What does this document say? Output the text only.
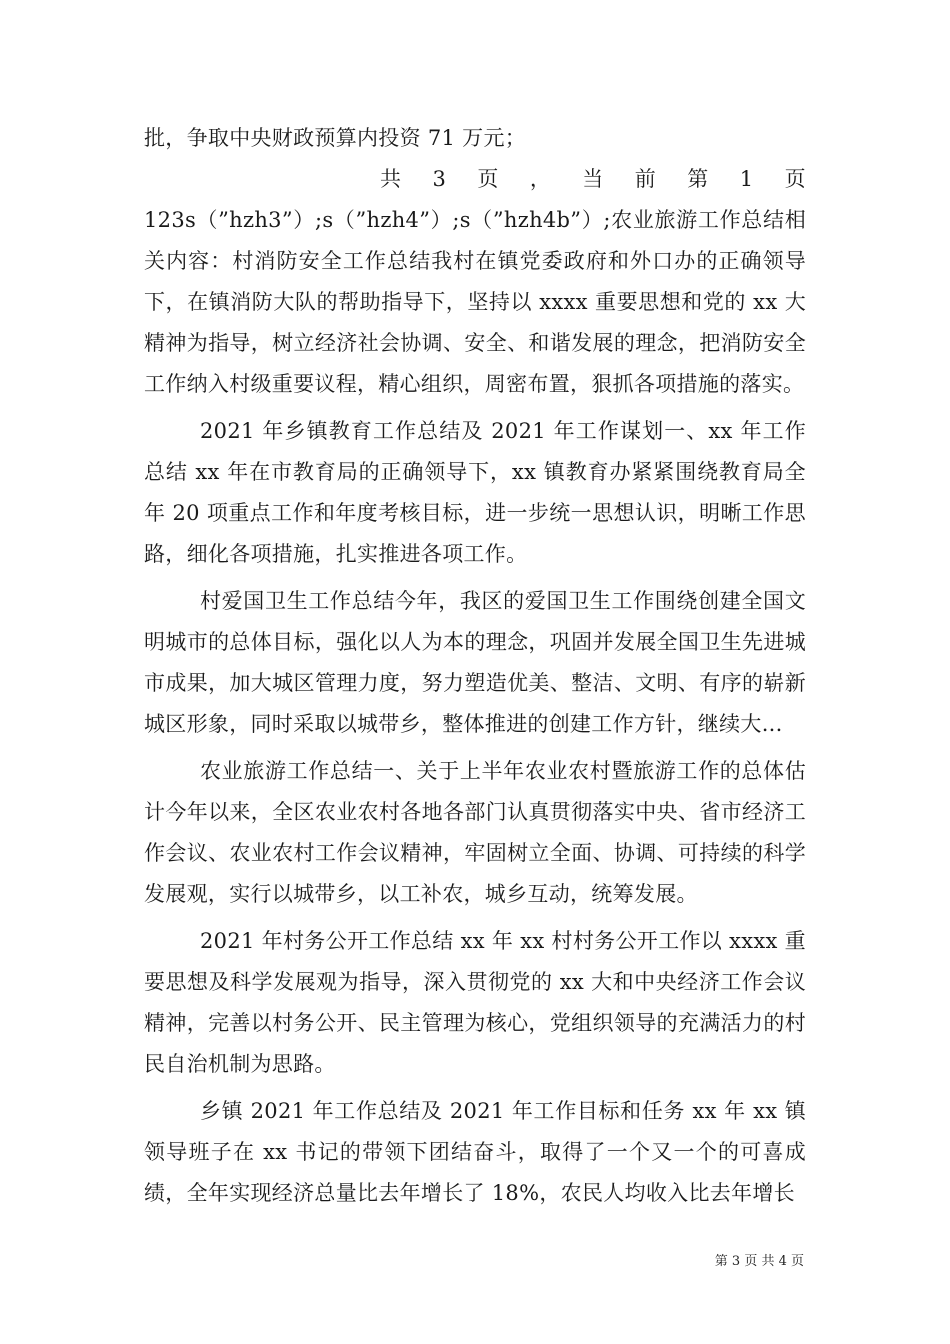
批，争取中央财政预算内投资 71 万元；

共 3 页 ， 当 前 第 1 页

123s（”hzh3”）;s（”hzh4”）;s（”hzh4b”）;农业旅游工作总结相关内容：村消防安全工作总结我村在镇党委政府和外口办的正确领导下，在镇消防大队的帮助指导下，坚持以 xxxx 重要思想和党的 xx 大精神为指导，树立经济社会协调、安全、和谐发展的理念，把消防安全工作纳入村级重要议程，精心组织，周密布置，狠抓各项措施的落实。

2021 年乡镇教育工作总结及 2021 年工作谋划一、xx 年工作总结 xx 年在市教育局的正确领导下，xx 镇教育办紧紧围绕教育局全年 20 项重点工作和年度考核目标，进一步统一思想认识，明晰工作思路，细化各项措施，扎实推进各项工作。

村爱国卫生工作总结今年，我区的爱国卫生工作围绕创建全国文明城市的总体目标，强化以人为本的理念，巩固并发展全国卫生先进城市成果，加大城区管理力度，努力塑造优美、整洁、文明、有序的崭新城区形象，同时采取以城带乡，整体推进的创建工作方针，继续大...

农业旅游工作总结一、关于上半年农业农村暨旅游工作的总体估计今年以来，全区农业农村各地各部门认真贯彻落实中央、省市经济工作会议、农业农村工作会议精神，牢固树立全面、协调、可持续的科学发展观，实行以城带乡，以工补农，城乡互动，统筹发展。

2021 年村务公开工作总结 xx 年 xx 村村务公开工作以 xxxx 重要思想及科学发展观为指导，深入贯彻党的 xx 大和中央经济工作会议精神，完善以村务公开、民主管理为核心，党组织领导的充满活力的村民自治机制为思路。

乡镇 2021 年工作总结及 2021 年工作目标和任务 xx 年 xx 镇领导班子在 xx 书记的带领下团结奋斗，取得了一个又一个的可喜成绩，全年实现经济总量比去年增长了 18%，农民人均收入比去年增长

第 3 页 共 4 页
